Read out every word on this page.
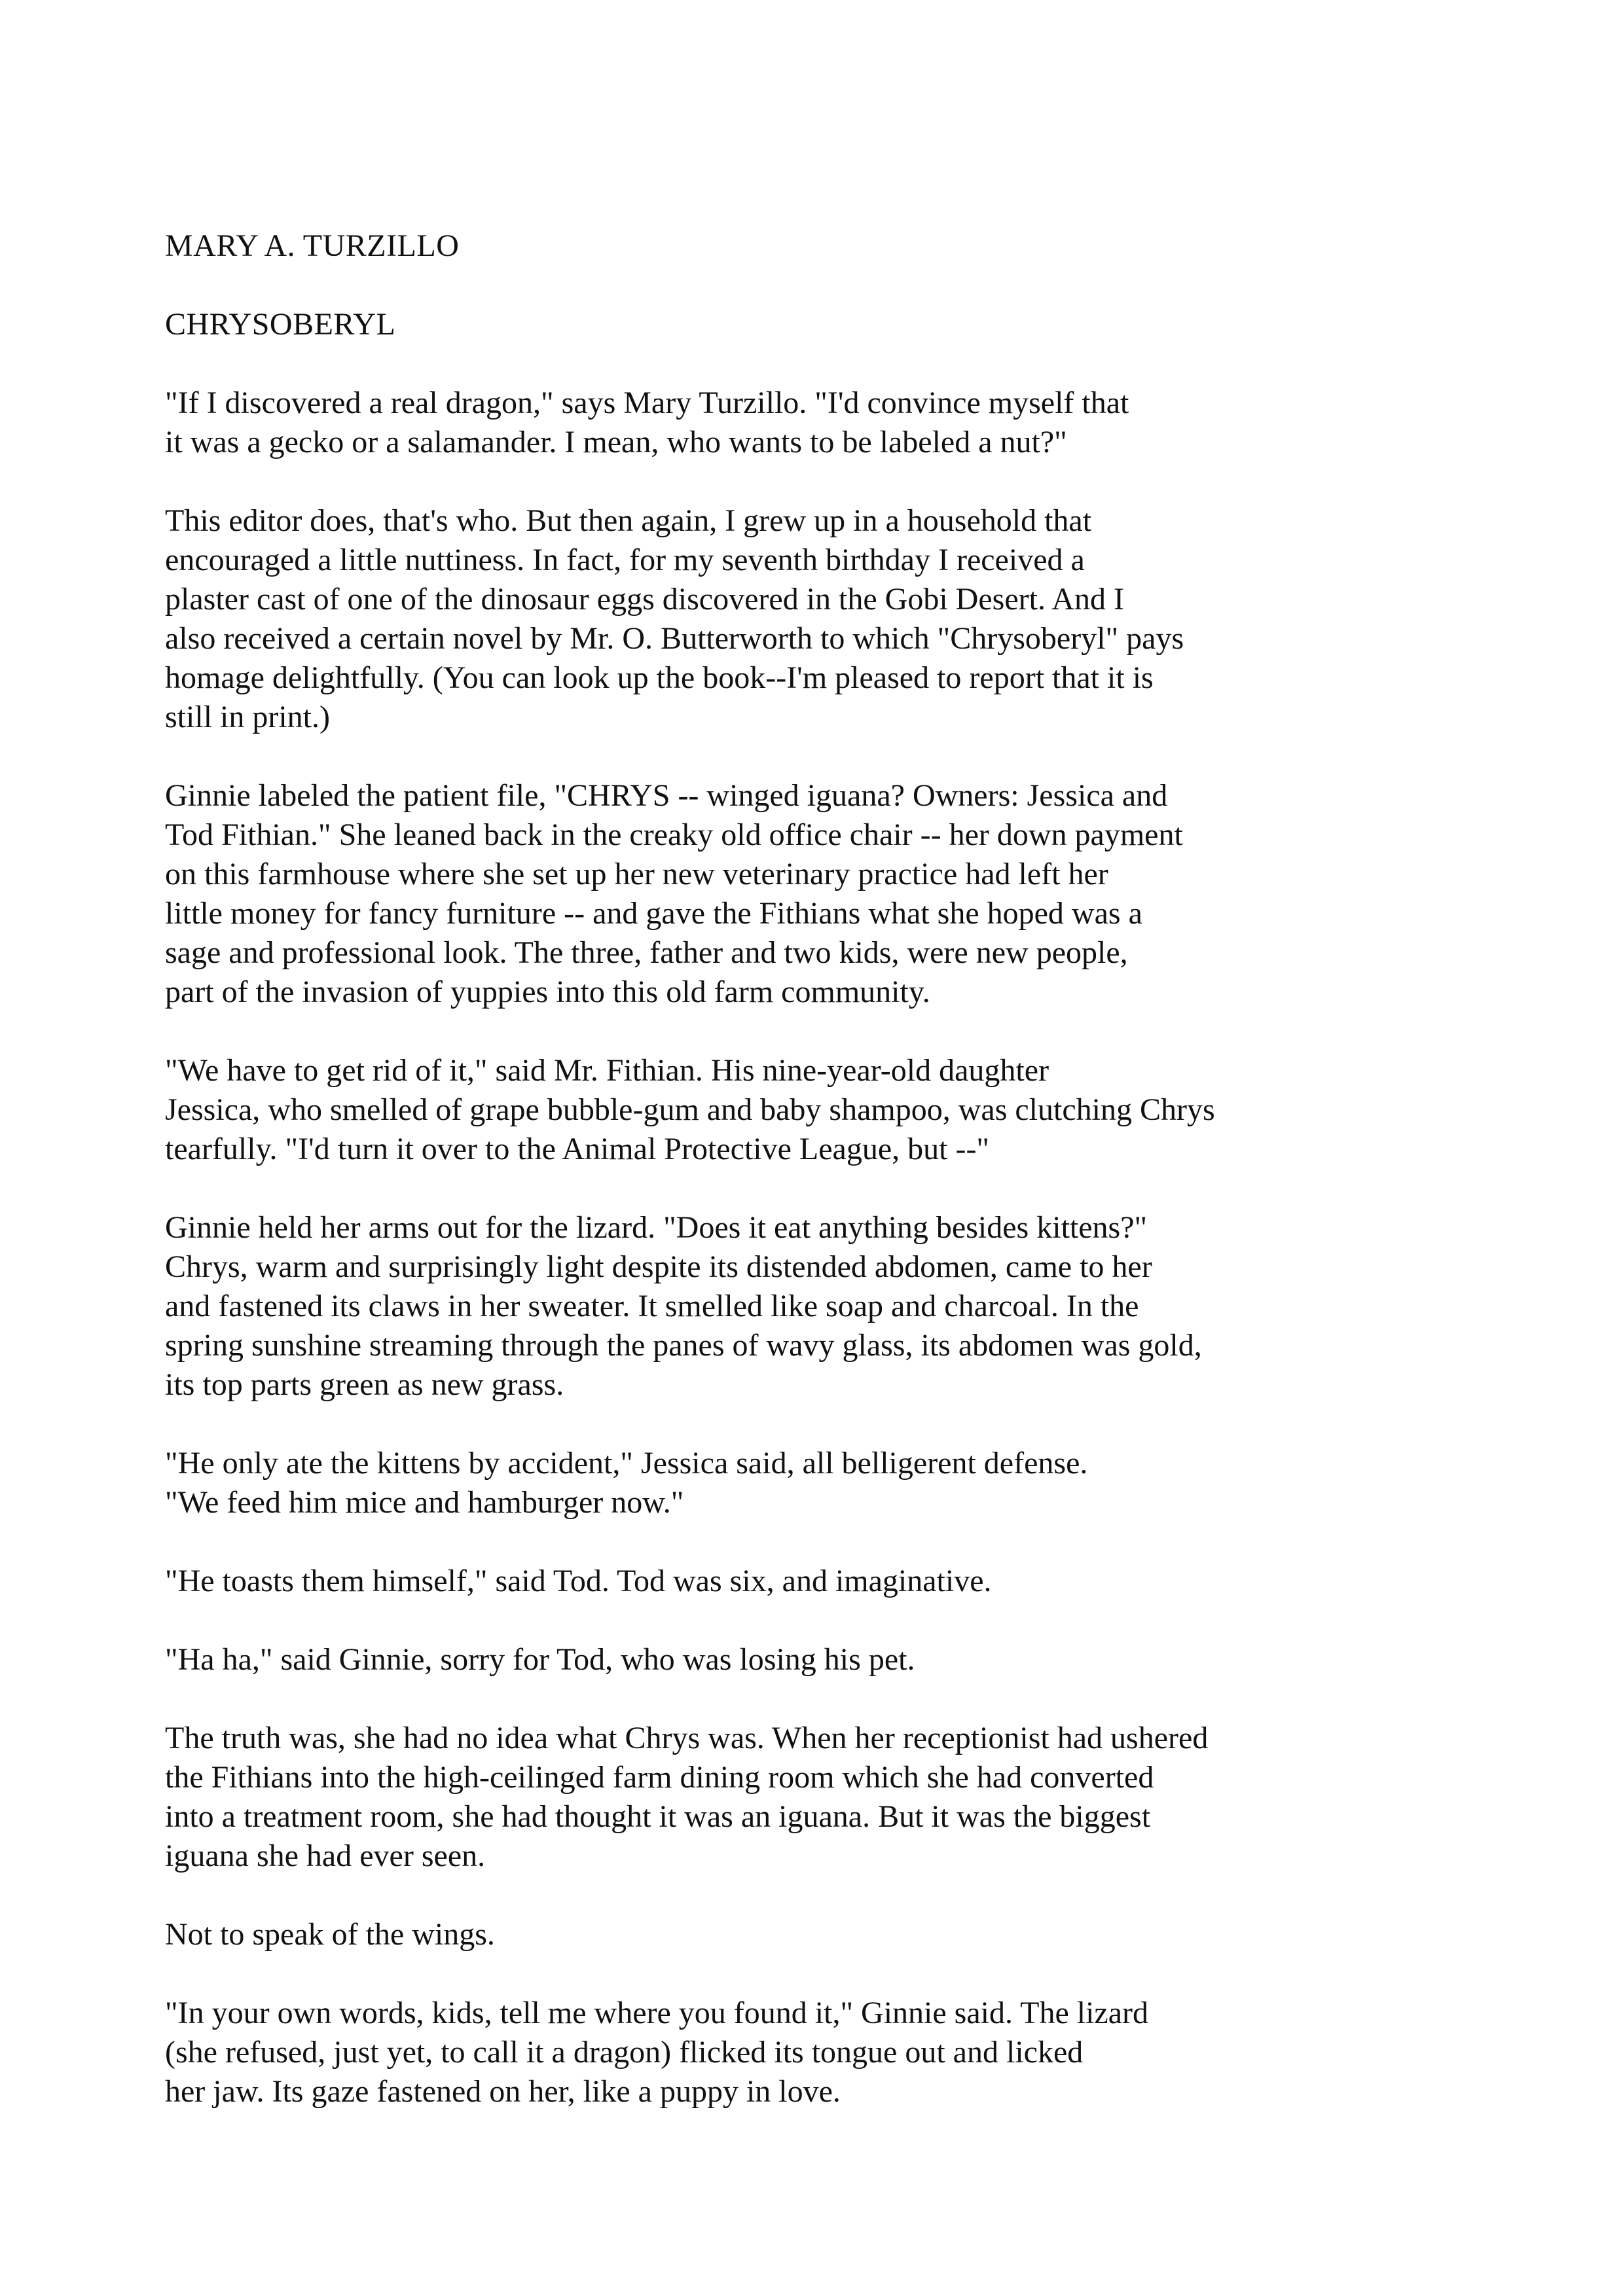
MARY A. TURZILLO
CHRYSOBERYL
"If I discovered a real dragon," says Mary Turzillo. "I'd convince myself that
it was a gecko or a salamander. I mean, who wants to be labeled a nut?"
This editor does, that's who. But then again, I grew up in a household that
encouraged a little nuttiness. In fact, for my seventh birthday I received a
plaster cast of one of the dinosaur eggs discovered in the Gobi Desert. And I
also received a certain novel by Mr. O. Butterworth to which "Chrysoberyl" pays
homage delightfully. (You can look up the book--I'm pleased to report that it is
still in print.)
Ginnie labeled the patient file, "CHRYS -- winged iguana? Owners: Jessica and
Tod Fithian." She leaned back in the creaky old office chair -- her down payment
on this farmhouse where she set up her new veterinary practice had left her
little money for fancy furniture -- and gave the Fithians what she hoped was a
sage and professional look. The three, father and two kids, were new people,
part of the invasion of yuppies into this old farm community.
"We have to get rid of it," said Mr. Fithian. His nine-year-old daughter
Jessica, who smelled of grape bubble-gum and baby shampoo, was clutching Chrys
tearfully. "I'd turn it over to the Animal Protective League, but --"
Ginnie held her arms out for the lizard. "Does it eat anything besides kittens?"
Chrys, warm and surprisingly light despite its distended abdomen, came to her
and fastened its claws in her sweater. It smelled like soap and charcoal. In the
spring sunshine streaming through the panes of wavy glass, its abdomen was gold,
its top parts green as new grass.
"He only ate the kittens by accident," Jessica said, all belligerent defense.
"We feed him mice and hamburger now."
"He toasts them himself," said Tod. Tod was six, and imaginative.
"Ha ha," said Ginnie, sorry for Tod, who was losing his pet.
The truth was, she had no idea what Chrys was. When her receptionist had ushered
the Fithians into the high-ceilinged farm dining room which she had converted
into a treatment room, she had thought it was an iguana. But it was the biggest
iguana she had ever seen.
Not to speak of the wings.
"In your own words, kids, tell me where you found it," Ginnie said. The lizard
(she refused, just yet, to call it a dragon) flicked its tongue out and licked
her jaw. Its gaze fastened on her, like a puppy in love.
